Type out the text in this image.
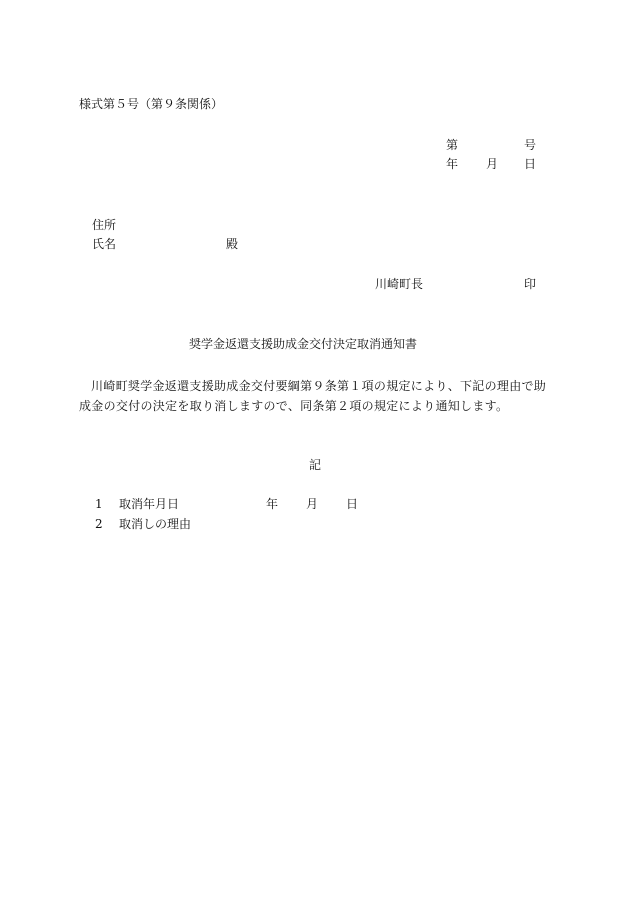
様式第５号（第９条関係）
第	号
年 月 日
住所
氏名	殿
川崎町長	印
奨学金返還支援助成金交付決定取消通知書
川崎町奨学金返還支援助成金交付要綱第９条第１項の規定により、下記の理由で助成金の交付の決定を取り消しますので、同条第２項の規定により通知します。
記
1 取消年月日	年 月 日
2 取消しの理由
